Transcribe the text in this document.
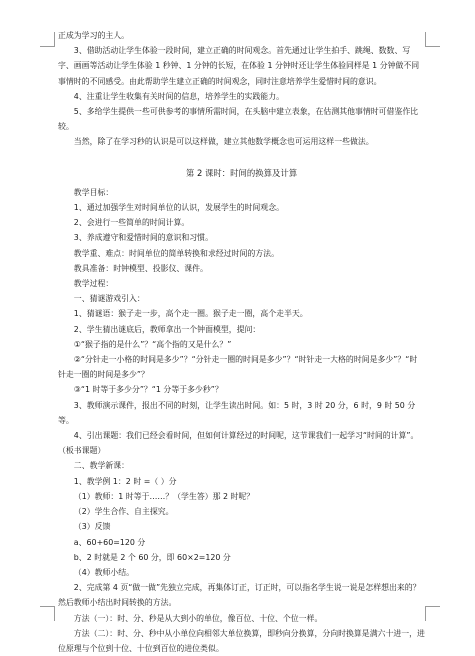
正成为学习的主人。

3、借助活动让学生体验一段时间，建立正确的时间观念。首先通过让学生拍手、跳绳、数数、写字、画画等活动让学生体验 1 秒钟、1 分钟的长短，在体验 1 分钟时还让学生体验同样是 1 分钟做不同事情时的不同感受。由此帮助学生建立正确的时间观念，同时注意培养学生爱惜时间的意识。

4、注重让学生收集有关时间的信息，培养学生的实践能力。

5、多给学生提供一些可供参考的事情所需时间，在头脑中建立表象，在估测其他事情时可借鉴作比较。

当然，除了在学习秒的认识是可以这样做，建立其他数学概念也可运用这样一些做法。

第 2 课时：时间的换算及计算

教学目标：

1、通过加强学生对时间单位的认识，发展学生的时间观念。

2、会进行一些简单的时间计算。

3、养成遵守和爱惜时间的意识和习惯。

教学重、难点：时间单位的简单转换和求经过时间的方法。

教具准备：时钟模型、投影仪、课件。

教学过程：

一、猜谜游戏引入：

1、猜谜语：猴子走一步，高个走一圈。猴子走一圈，高个走半天。

2、学生猜出谜底后，教师拿出一个钟面模型，提问：

①“猴子指的是什么”？“高个指的又是什么？”

②“分针走一小格的时间是多少”？“分针走一圈的时间是多少”？“时针走一大格的时间是多少”？“时针走一圈的时间是多少”？

③“1 时等于多少分”？“1 分等于多少秒”？

3、教师演示课件，报出不同的时刻，让学生读出时间。如：5 时，3 时 20 分，6 时，9 时 50 分等。

4、引出课题：我们已经会看时间，但如何计算经过的时间呢，这节课我们一起学习“时间的计算”。（板书课题）

二、教学新课：

1、教学例 1：2 时 =（ ）分

（1）教师：1 时等于……？（学生答）那 2 时呢？

（2）学生合作、自主探究。

（3）反馈

a、60+60=120 分

b、2 时就是 2 个 60 分，即 60×2=120 分

（4）教师小结。

2、完成第 4 页“做一做”先独立完成，再集体订正，订正时，可以指名学生说一说是怎样想出来的？然后教师小结出时间转换的方法。

方法（一）：时、分、秒是从大到小的单位，像百位、十位、个位一样。

方法（二）：时、分、秒中从小单位向相邻大单位换算，即秒向分换算，分向时换算是满六十进一，进位原理与个位到十位、十位到百位的进位类似。
